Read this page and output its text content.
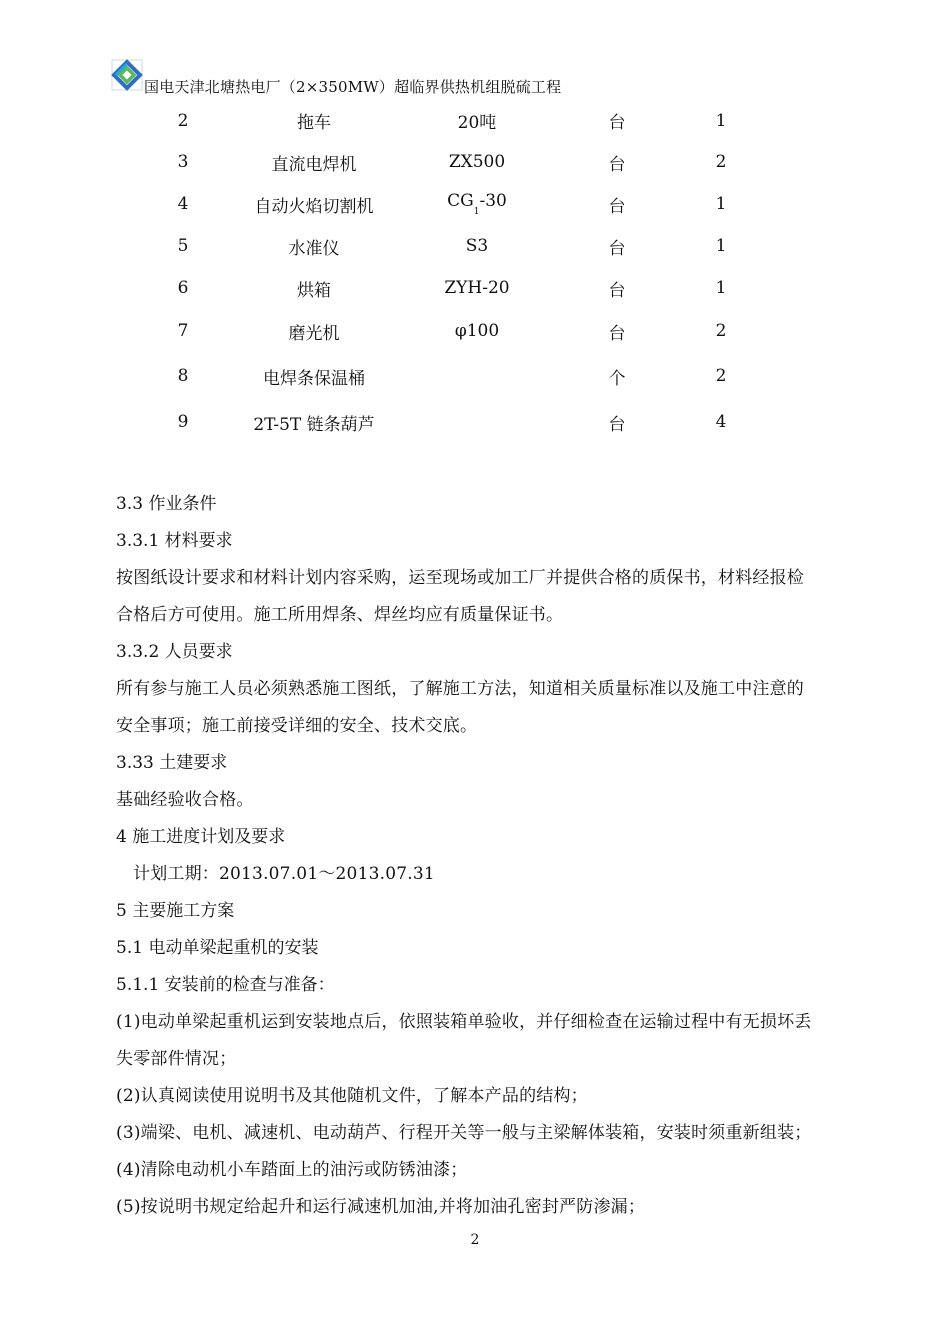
国电天津北塘热电厂（2×350MW）超临界供热机组脱硫工程
2	拖车	20吨	台	1
3	直流电焊机	ZX500	台	2
4	自动火焰切割机	$CG_1-30$	台	1
5	水准仪	S3	台	1
6	烘箱	ZYH-20	台	1
7	磨光机	φ100	台	2
8	电焊条保温桶		个	2
9	2T-5T 链条葫芦		台	4

3.3 作业条件

3.3.1 材料要求

按图纸设计要求和材料计划内容采购，运至现场或加工厂并提供合格的质保书，材料经报检

合格后方可使用。施工所用焊条、焊丝均应有质量保证书。

3.3.2 人员要求

所有参与施工人员必须熟悉施工图纸，了解施工方法，知道相关质量标准以及施工中注意的

安全事项；施工前接受详细的安全、技术交底。

3.33 土建要求

基础经验收合格。

4 施工进度计划及要求

计划工期：2013.07.01～2013.07.31

5 主要施工方案

5.1 电动单梁起重机的安装

5.1.1 安装前的检查与准备：

(1)电动单梁起重机运到安装地点后，依照装箱单验收，并仔细检查在运输过程中有无损坏丢

失零部件情况；

(2)认真阅读使用说明书及其他随机文件，了解本产品的结构；

(3)端梁、电机、减速机、电动葫芦、行程开关等一般与主梁解体装箱，安装时须重新组装；

(4)清除电动机小车踏面上的油污或防锈油漆；

(5)按说明书规定给起升和运行减速机加油,并将加油孔密封严防渗漏；

2
